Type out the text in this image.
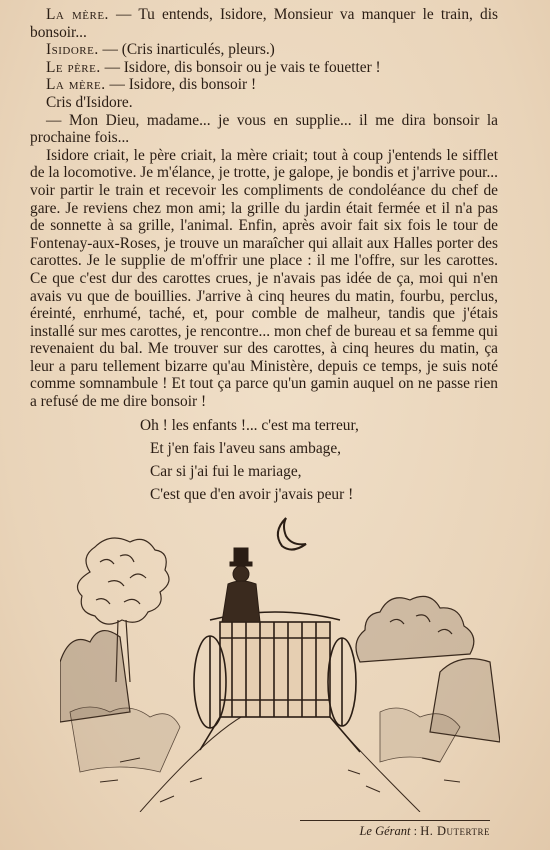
La mère. — Tu entends, Isidore, Monsieur va manquer le train, dis bonsoir...

Isidore. — (Cris inarticulés, pleurs.)

Le père. — Isidore, dis bonsoir ou je vais te fouetter !

La mère. — Isidore, dis bonsoir !

Cris d'Isidore.

— Mon Dieu, madame... je vous en supplie... il me dira bonsoir la prochaine fois...

Isidore criait, le père criait, la mère criait; tout à coup j'entends le sifflet de la locomotive. Je m'élance, je trotte, je galope, je bondis et j'arrive pour... voir partir le train et recevoir les compliments de condoléance du chef de gare. Je reviens chez mon ami; la grille du jardin était fermée et il n'a pas de sonnette à sa grille, l'animal. Enfin, après avoir fait six fois le tour de Fontenay-aux-Roses, je trouve un maraîcher qui allait aux Halles porter des carottes. Je le supplie de m'offrir une place : il me l'offre, sur les carottes. Ce que c'est dur des carottes crues, je n'avais pas idée de ça, moi qui n'en avais vu que de bouillies. J'arrive à cinq heures du matin, fourbu, perclus, éreinté, enrhumé, taché, et, pour comble de malheur, tandis que j'étais installé sur mes carottes, je rencontre... mon chef de bureau et sa femme qui revenaient du bal. Me trouver sur des carottes, à cinq heures du matin, ça leur a paru tellement bizarre qu'au Ministère, depuis ce temps, je suis noté comme somnambule ! Et tout ça parce qu'un gamin auquel on ne passe rien a refusé de me dire bonsoir !

Oh ! les enfants !... c'est ma terreur,
Et j'en fais l'aveu sans ambage,
Car si j'ai fui le mariage,
C'est que d'en avoir j'avais peur !
Le Gérant : H. Dutertre
